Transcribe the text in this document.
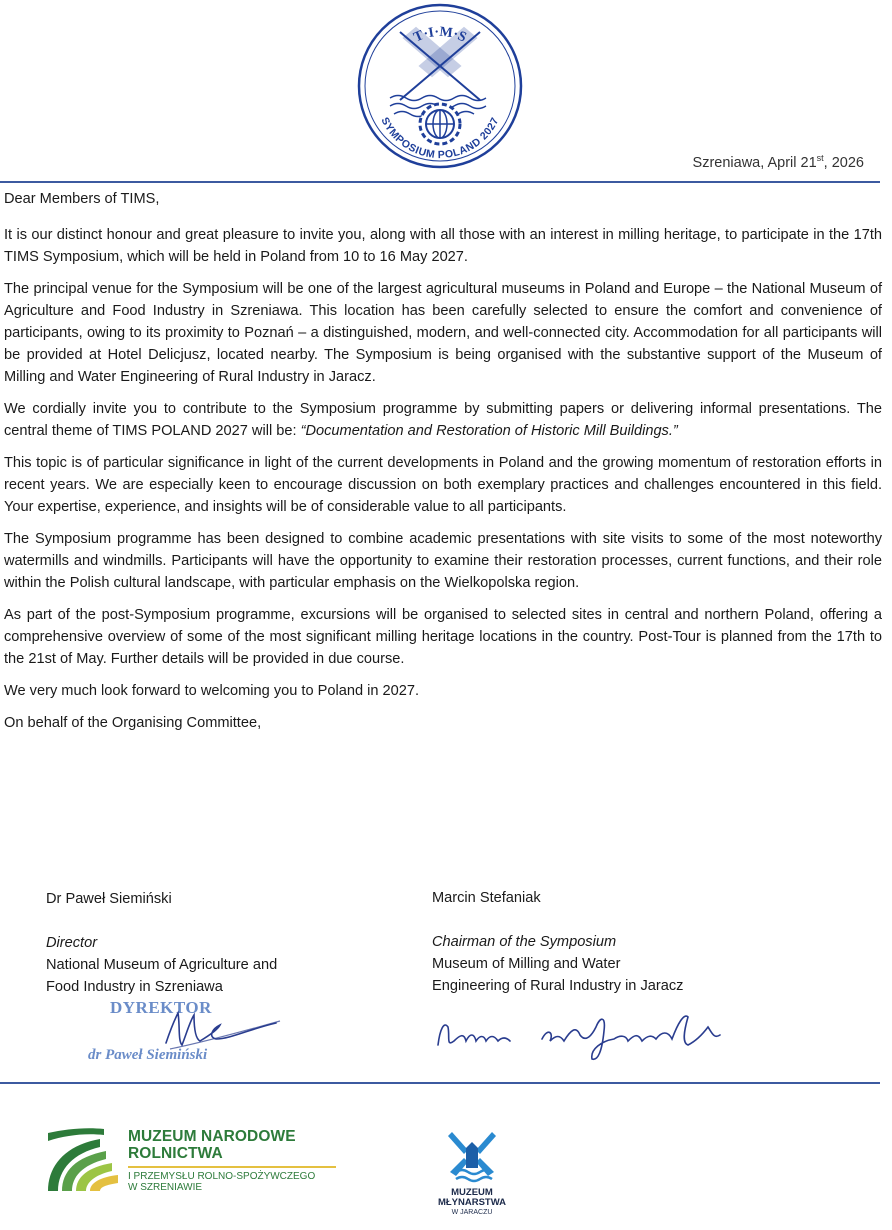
T·I·M·S
SYMPOSIUM POLAND 2027
Szreniawa, April 21st, 2026

Dear Members of TIMS,

It is our distinct honour and great pleasure to invite you, along with all those with an interest in milling heritage, to participate in the 17th TIMS Symposium, which will be held in Poland from 10 to 16 May 2027.

The principal venue for the Symposium will be one of the largest agricultural museums in Poland and Europe – the National Museum of Agriculture and Food Industry in Szreniawa. This location has been carefully selected to ensure the comfort and convenience of participants, owing to its proximity to Poznań – a distinguished, modern, and well-connected city. Accommodation for all participants will be provided at Hotel Delicjusz, located nearby. The Symposium is being organised with the substantive support of the Museum of Milling and Water Engineering of Rural Industry in Jaracz.

We cordially invite you to contribute to the Symposium programme by submitting papers or delivering informal presentations. The central theme of TIMS POLAND 2027 will be: “Documentation and Restoration of Historic Mill Buildings.”

This topic is of particular significance in light of the current developments in Poland and the growing momentum of restoration efforts in recent years. We are especially keen to encourage discussion on both exemplary practices and challenges encountered in this field. Your expertise, experience, and insights will be of considerable value to all participants.

The Symposium programme has been designed to combine academic presentations with site visits to some of the most noteworthy watermills and windmills. Participants will have the opportunity to examine their restoration processes, current functions, and their role within the Polish cultural landscape, with particular emphasis on the Wielkopolska region.

As part of the post-Symposium programme, excursions will be organised to selected sites in central and northern Poland, offering a comprehensive overview of some of the most significant milling heritage locations in the country. Post-Tour is planned from the 17th to the 21st of May. Further details will be provided in due course.

We very much look forward to welcoming you to Poland in 2027.

On behalf of the Organising Committee,

Dr Paweł Siemiński
Director
National Museum of Agriculture and
Food Industry in Szreniawa
Marcin Stefaniak
Chairman of the Symposium
Museum of Milling and Water
Engineering of Rural Industry in Jaracz
DYREKTOR
dr Paweł Siemiński
MUZEUM NARODOWE
ROLNICTWA
I PRZEMYSŁU ROLNO-SPOŻYWCZEGO
W SZRENIAWIE	MUZEUM
MŁYNARSTWA
W JARACZU
